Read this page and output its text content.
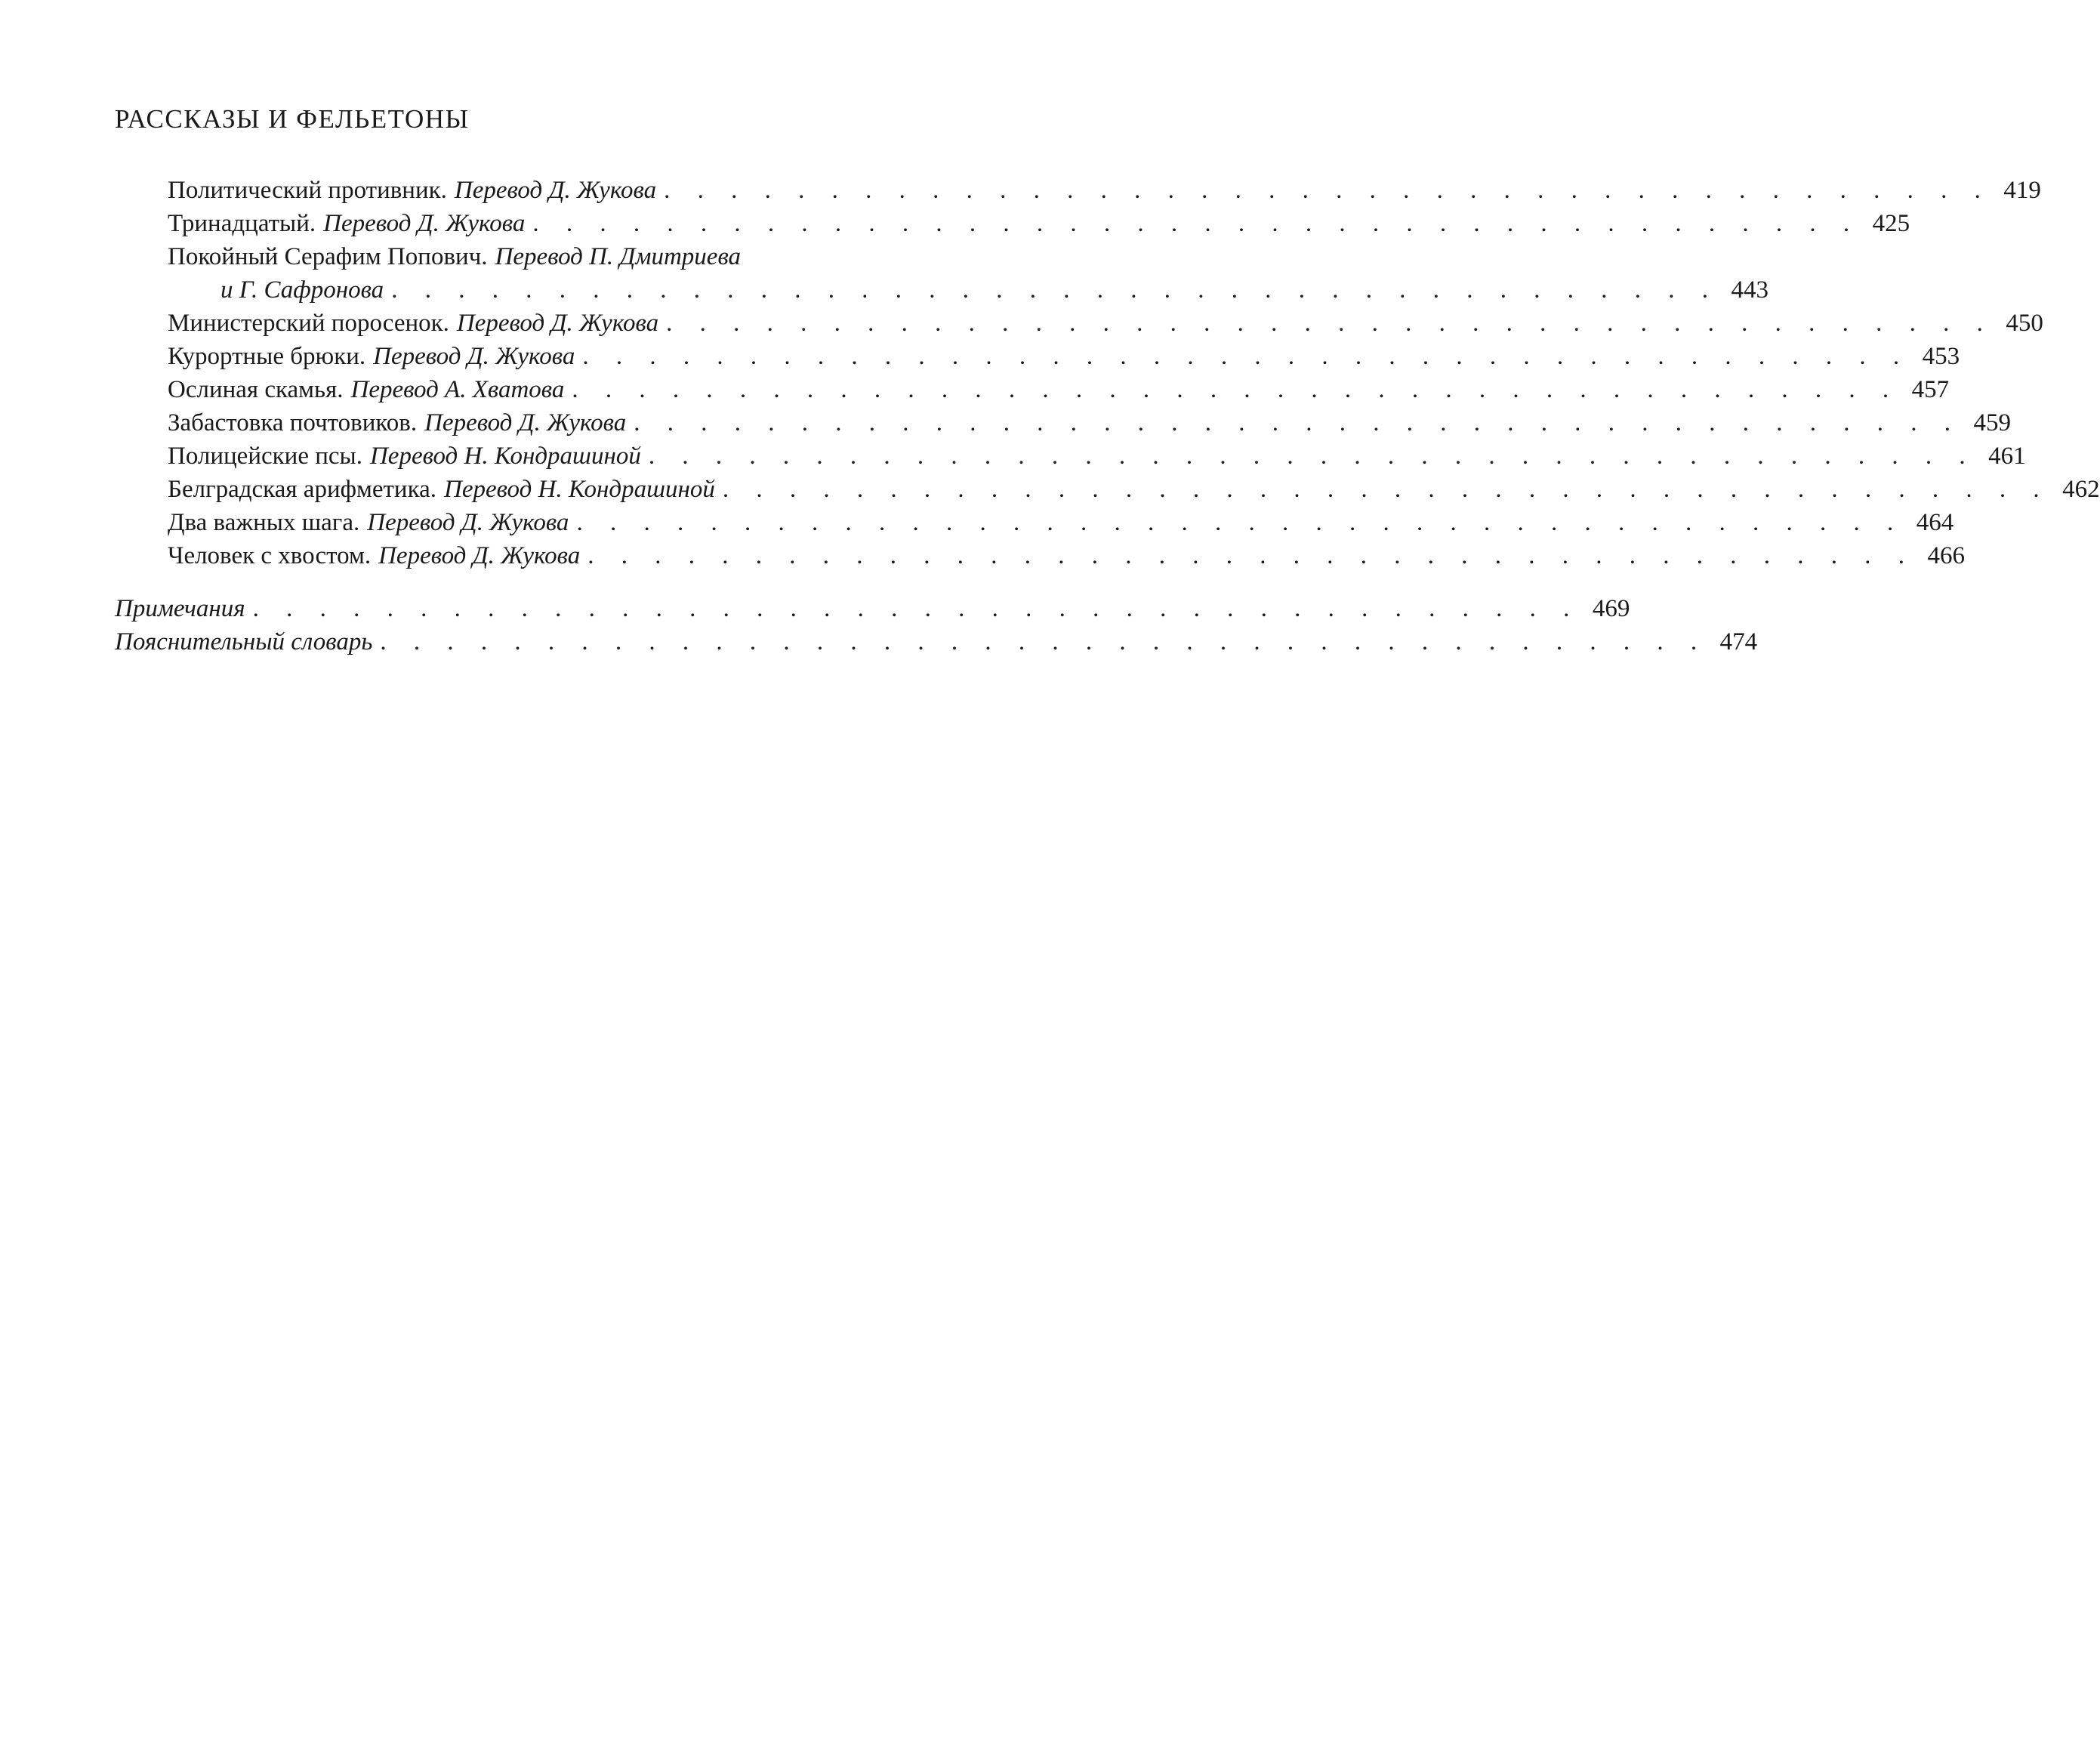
РАССКАЗЫ И ФЕЛЬЕТОНЫ
Политический противник. Перевод Д. Жукова . . . . . . . . . . . . . . . . . . . . . . . . . . . . . . . . . . . . . . . . 419
Тринадцатый. Перевод Д. Жукова . . . . . . . . . . . . . . . . . . . . . . . . . . . . . . . . . . . . . . . . 425
Покойный Серафим Попович. Перевод П. Дмитриева
и Г. Сафронова . . . . . . . . . . . . . . . . . . . . . . . . . . . . . . . . . . . . . . . . 443
Министерский поросенок. Перевод Д. Жукова . . . . . . . . . . . . . . . . . . . . . . . . . . . . . . . . . . . . . . . . 450
Курортные брюки. Перевод Д. Жукова . . . . . . . . . . . . . . . . . . . . . . . . . . . . . . . . . . . . . . . . 453
Ослиная скамья. Перевод А. Хватова . . . . . . . . . . . . . . . . . . . . . . . . . . . . . . . . . . . . . . . . 457
Забастовка почтовиков. Перевод Д. Жукова . . . . . . . . . . . . . . . . . . . . . . . . . . . . . . . . . . . . . . . . 459
Полицейские псы. Перевод Н. Кондрашиной . . . . . . . . . . . . . . . . . . . . . . . . . . . . . . . . . . . . . . . . 461
Белградская арифметика. Перевод Н. Кондрашиной . . . . . . . . . . . . . . . . . . . . . . . . . . . . . . . . . . . . . . . . 462
Два важных шага. Перевод Д. Жукова . . . . . . . . . . . . . . . . . . . . . . . . . . . . . . . . . . . . . . . . 464
Человек с хвостом. Перевод Д. Жукова . . . . . . . . . . . . . . . . . . . . . . . . . . . . . . . . . . . . . . . . 466
Примечания . . . . . . . . . . . . . . . . . . . . . . . . . . . . . . . . . . . . . . . . 469
Пояснительный словарь . . . . . . . . . . . . . . . . . . . . . . . . . . . . . . . . . . . . . . . . 474
